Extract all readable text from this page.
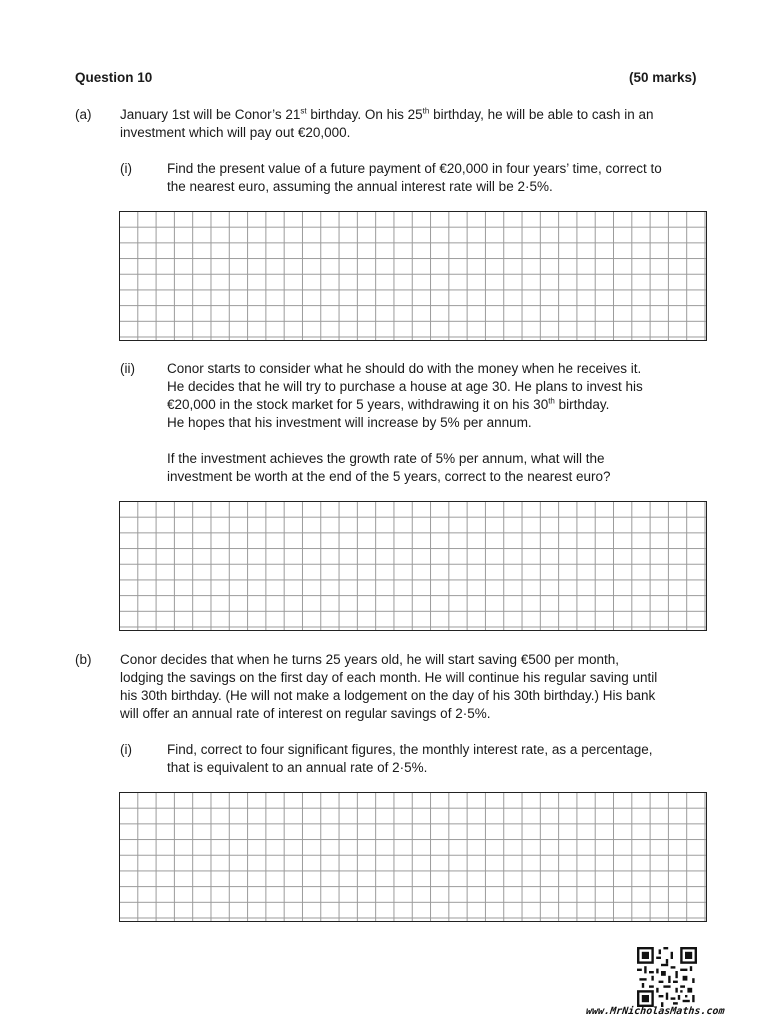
Question 10	(50 marks)
(a) January 1st will be Conor’s 21st birthday. On his 25th birthday, he will be able to cash in an
investment which will pay out €20,000.
(i)	Find the present value of a future payment of €20,000 in four years’ time, correct to
the nearest euro, assuming the annual interest rate will be 2·5%.
(ii) Conor starts to consider what he should do with the money when he receives it.
He decides that he will try to purchase a house at age 30. He plans to invest his
€20,000 in the stock market for 5 years, withdrawing it on his 30th birthday.
He hopes that his investment will increase by 5% per annum.
If the investment achieves the growth rate of 5% per annum, what will the
investment be worth at the end of the 5 years, correct to the nearest euro?
(b) Conor decides that when he turns 25 years old, he will start saving €500 per month,
lodging the savings on the first day of each month. He will continue his regular saving until
his 30th birthday. (He will not make a lodgement on the day of his 30th birthday.) His bank
will offer an annual rate of interest on regular savings of 2·5%.
(i)	Find, correct to four significant figures, the monthly interest rate, as a percentage,
that is equivalent to an annual rate of 2·5%.
www.MrNicholasMaths.com
